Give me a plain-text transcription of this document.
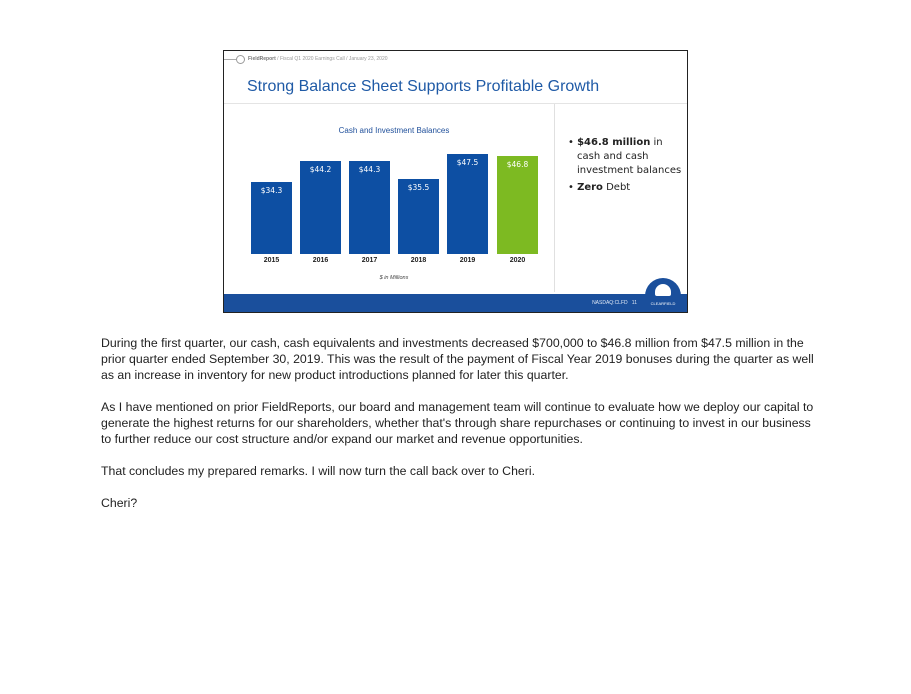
FieldReport / Fiscal Q1 2020 Earnings Call / January 23, 2020
Strong Balance Sheet Supports Profitable Growth
Cash and Investment Balances
$ in Millions
• $46.8 million in cash and cash investment balances
• Zero Debt
NASDAQ:CLFD 11	CLEARFIELD
$34.3
2015
$44.2
2016
$44.3
2017
$35.5
2018
$47.5
2019
$46.8
2020

During the first quarter, our cash, cash equivalents and investments decreased $700,000 to $46.8 million from $47.5 million in the prior quarter ended September 30, 2019. This was the result of the payment of Fiscal Year 2019 bonuses during the quarter as well as an increase in inventory for new product introductions planned for later this quarter.

As I have mentioned on prior FieldReports, our board and management team will continue to evaluate how we deploy our capital to generate the highest returns for our shareholders, whether that's through share repurchases or continuing to invest in our business to further reduce our cost structure and/or expand our market and revenue opportunities.

That concludes my prepared remarks. I will now turn the call back over to Cheri.

Cheri?
